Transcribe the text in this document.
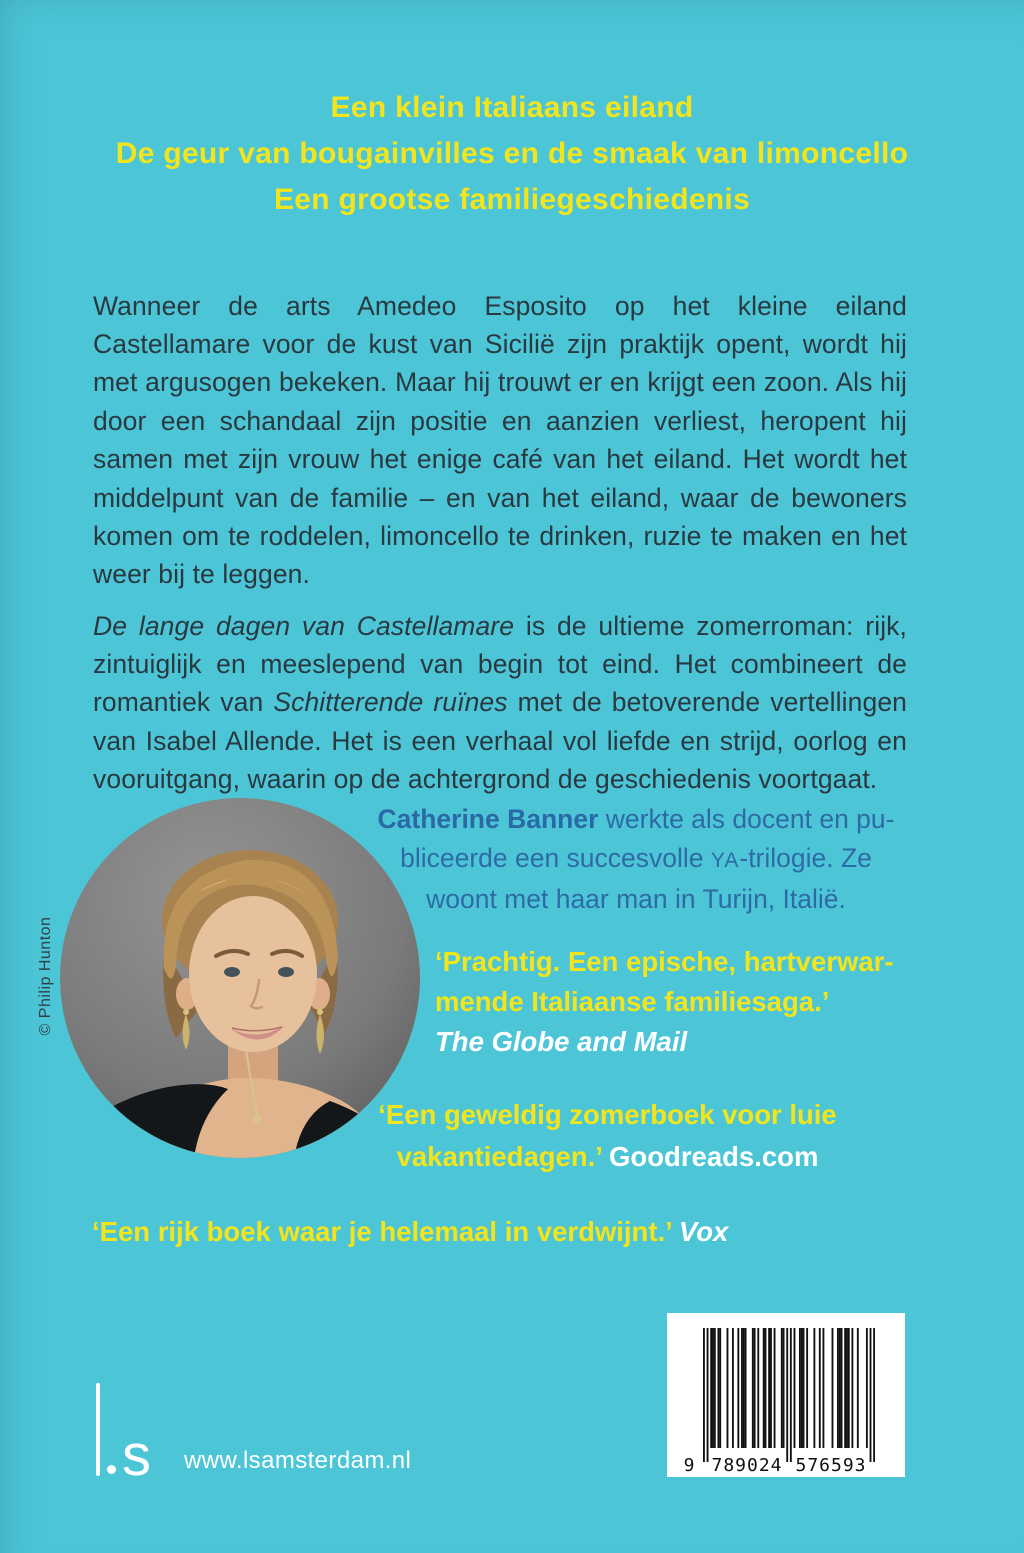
Een klein Italiaans eiland
De geur van bougainvilles en de smaak van limoncello
Een grootse familiegeschiedenis

Wanneer de arts Amedeo Esposito op het kleine eiland Castellamare voor de kust van Sicilië zijn praktijk opent, wordt hij met argusogen bekeken. Maar hij trouwt er en krijgt een zoon. Als hij door een schandaal zijn positie en aanzien verliest, heropent hij samen met zijn vrouw het enige café van het eiland. Het wordt het middelpunt van de familie – en van het eiland, waar de bewoners komen om te roddelen, limoncello te drinken, ruzie te maken en het weer bij te leggen.

De lange dagen van Castellamare is de ultieme zomerroman: rijk, zintuiglijk en meeslepend van begin tot eind. Het combineert de romantiek van Schitterende ruïnes met de betoverende vertellingen van Isabel Allende. Het is een verhaal vol liefde en strijd, oorlog en vooruitgang, waarin op de achtergrond de geschiedenis voortgaat.

© Philip Hunton
Catherine Banner werkte als docent en pu-
bliceerde een succesvolle YA-trilogie. Ze
woont met haar man in Turijn, Italië.
‘Prachtig. Een epische, hartverwar-
mende Italiaanse familiesaga.’
The Globe and Mail
‘Een geweldig zomerboek voor luie
vakantiedagen.’ Goodreads.com
‘Een rijk boek waar je helemaal in verdwijnt.’ Vox
s www.lsamsterdam.nl	9 789024 576593
